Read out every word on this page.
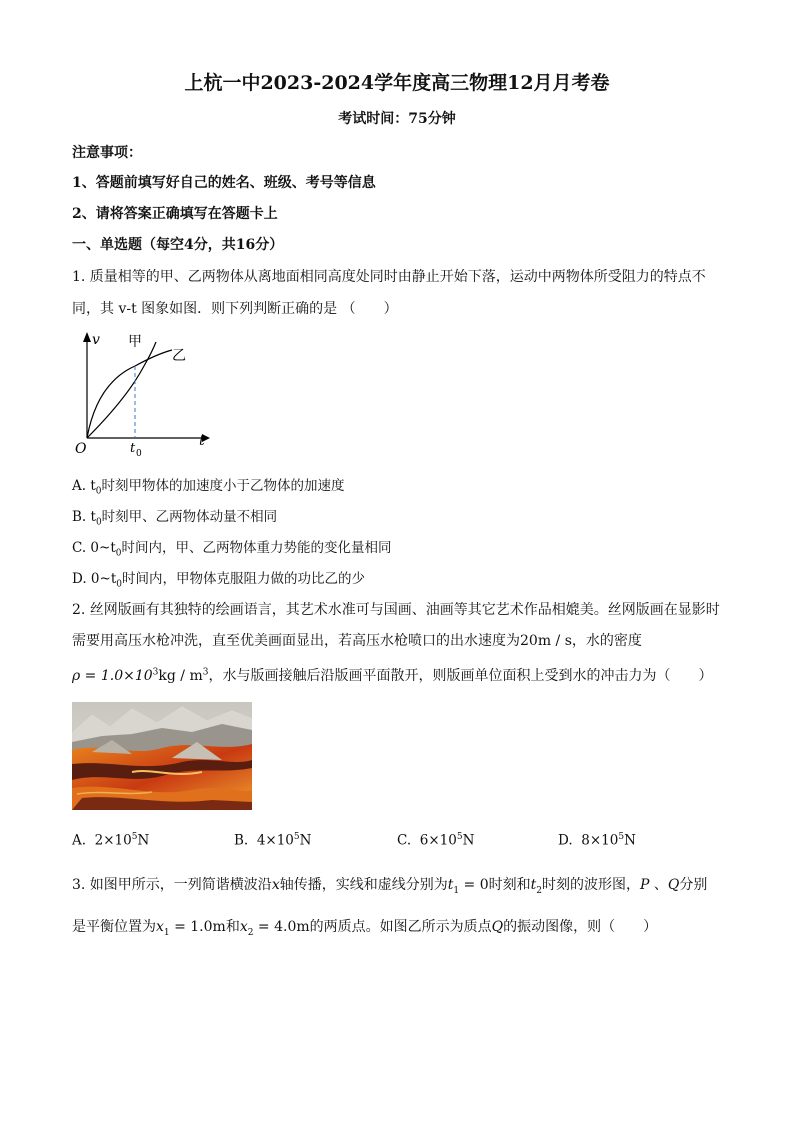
上杭一中2023-2024学年度高三物理12月月考卷
考试时间：75分钟
注意事项：
1、答题前填写好自己的姓名、班级、考号等信息
2、请将答案正确填写在答题卡上
一、单选题（每空4分，共16分）
1. 质量相等的甲、乙两物体从离地面相同高度处同时由静止开始下落，运动中两物体所受阻力的特点不
同，其 v-t 图象如图．则下列判断正确的是 （　　）
v
t
O	t 0
甲
乙
A. $t_0$时刻甲物体的加速度小于乙物体的加速度
B. $t_0$时刻甲、乙两物体动量不相同
C. $0\sim t_0$时间内，甲、乙两物体重力势能的变化量相同
D. $0\sim t_0$时间内，甲物体克服阻力做的功比乙的少
2. 丝网版画有其独特的绘画语言，其艺术水准可与国画、油画等其它艺术作品相媲美。丝网版画在显影时
需要用高压水枪冲洗，直至优美画面显出，若高压水枪喷口的出水速度为20m / s，水的密度
$\rho = 1.0\times 10^3kg / m^3$，水与版画接触后沿版画平面散开，则版画单位面积上受到水的冲击力为（　　）
A. $2\times 10^5N$	B. $4\times 10^5N$	C. $6\times 10^5N$	D. $8\times 10^5N$
3. 如图甲所示，一列简谐横波沿x轴传播，实线和虚线分别为$t_1 = 0$时刻和$t_2$时刻的波形图，P 、Q分别
是平衡位置为$x_1 = 1.0m$和$x_2 = 4.0m$的两质点。如图乙所示为质点Q的振动图像，则（　　）
